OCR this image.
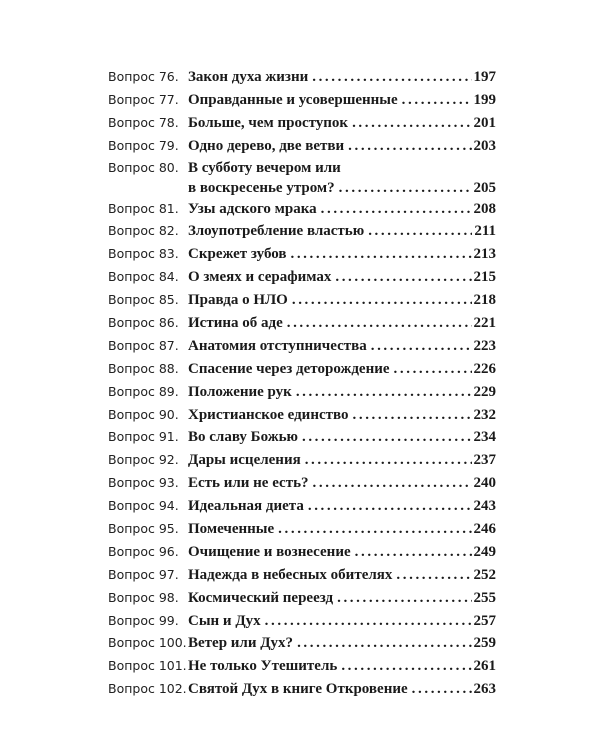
Вопрос 76. Закон духа жизни .....	197
Вопрос 77. Оправданные и усовершенные .....	199
Вопрос 78. Больше, чем проступок .....	201
Вопрос 79. Одно дерево, две ветви .....	203
Вопрос 80. В субботу вечером или
в воскресенье утром? .....	205
Вопрос 81. Узы адского мрака .....	208
Вопрос 82. Злоупотребление властью .....	211
Вопрос 83. Скрежет зубов .....	213
Вопрос 84. О змеях и серафимах .....	215
Вопрос 85. Правда о НЛО .....	218
Вопрос 86. Истина об аде .....	221
Вопрос 87. Анатомия отступничества .....	223
Вопрос 88. Спасение через деторождение .....	226
Вопрос 89. Положение рук .....	229
Вопрос 90. Христианское единство .....	232
Вопрос 91. Во славу Божью .....	234
Вопрос 92. Дары исцеления .....	237
Вопрос 93. Есть или не есть? .....	240
Вопрос 94. Идеальная диета .....	243
Вопрос 95. Помеченные .....	246
Вопрос 96. Очищение и вознесение .....	249
Вопрос 97. Надежда в небесных обителях .....	252
Вопрос 98. Космический переезд .....	255
Вопрос 99. Сын и Дух .....	257
Вопрос 100. Ветер или Дух? .....	259
Вопрос 101. Не только Утешитель .....	261
Вопрос 102. Святой Дух в книге Откровение .....	263
